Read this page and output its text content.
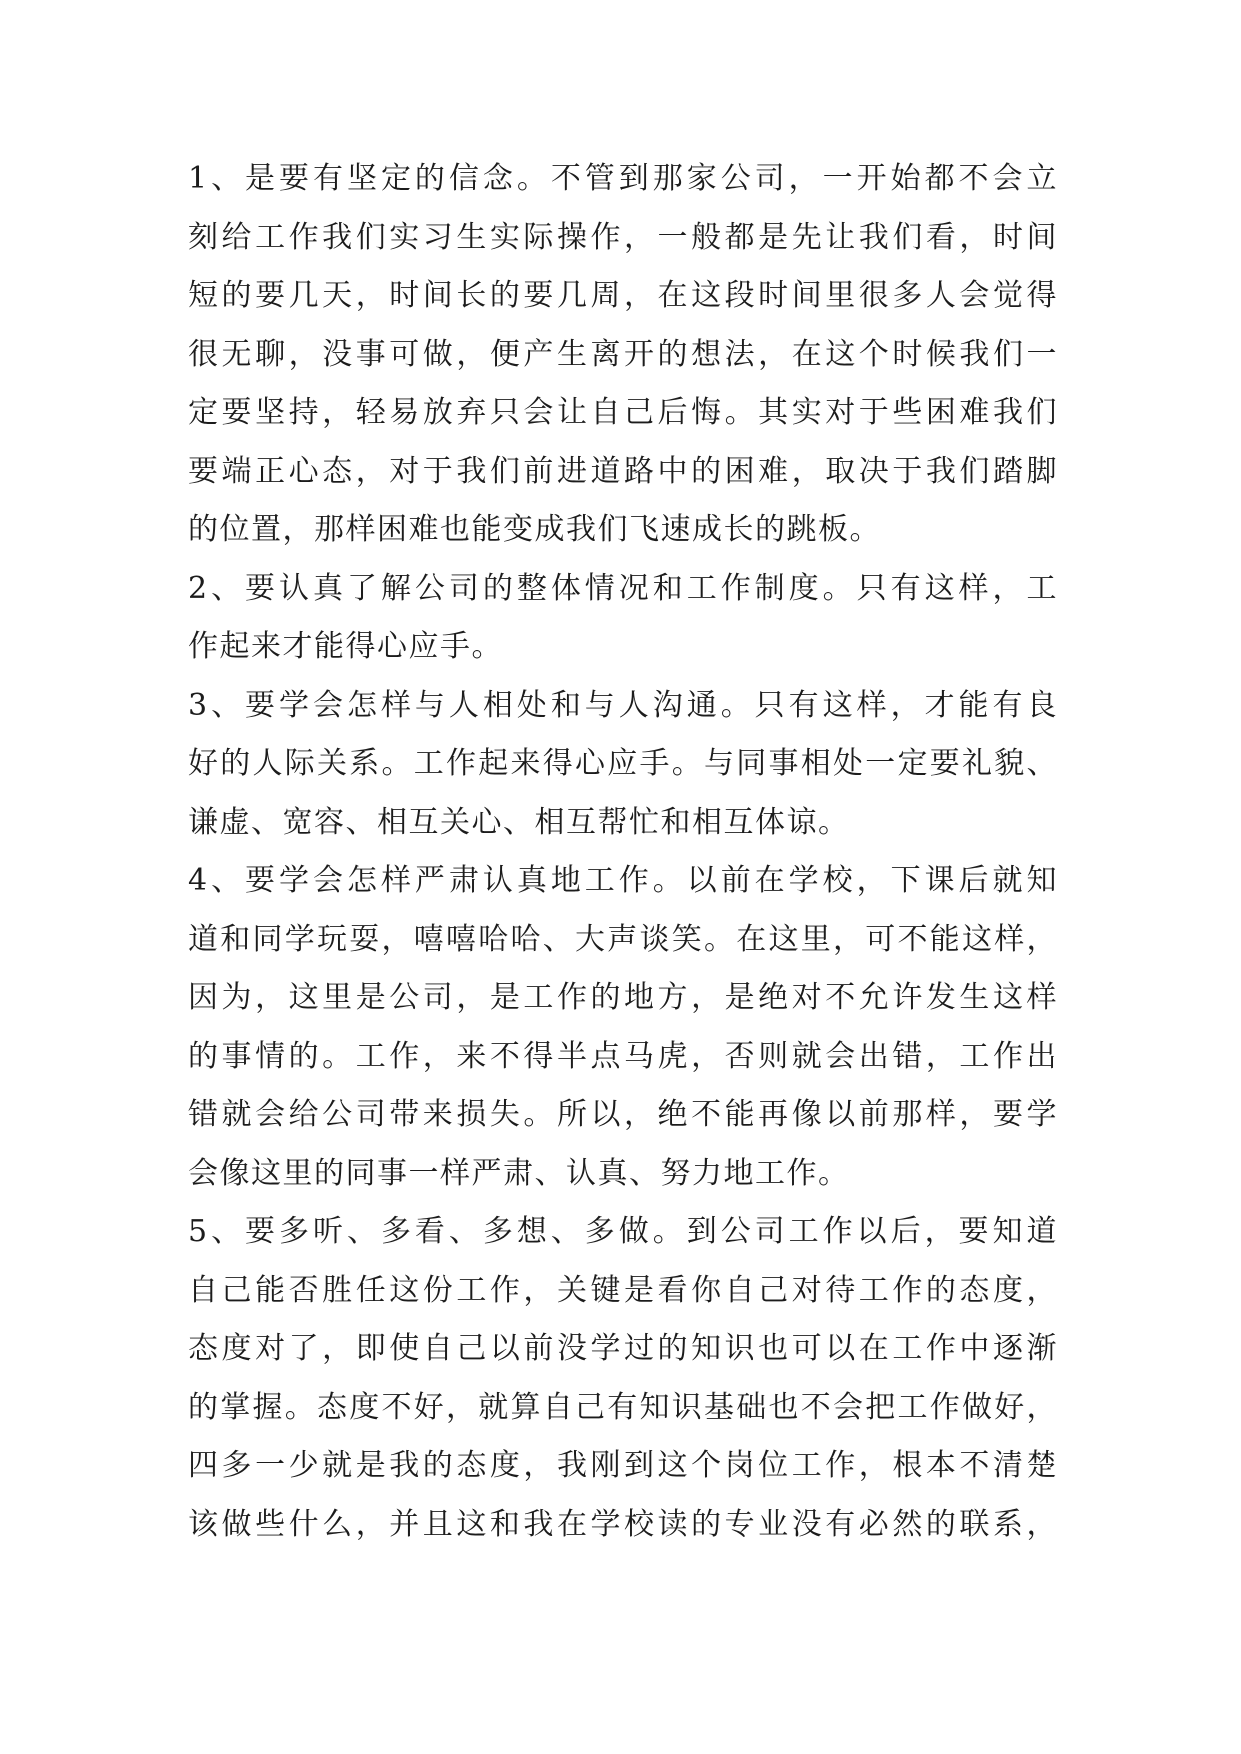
1、是要有坚定的信念。不管到那家公司，一开始都不会立
刻给工作我们实习生实际操作，一般都是先让我们看，时间
短的要几天，时间长的要几周，在这段时间里很多人会觉得
很无聊，没事可做，便产生离开的想法，在这个时候我们一
定要坚持，轻易放弃只会让自己后悔。其实对于些困难我们
要端正心态，对于我们前进道路中的困难，取决于我们踏脚
的位置，那样困难也能变成我们飞速成长的跳板。
2、要认真了解公司的整体情况和工作制度。只有这样，工
作起来才能得心应手。
3、要学会怎样与人相处和与人沟通。只有这样，才能有良
好的人际关系。工作起来得心应手。与同事相处一定要礼貌、
谦虚、宽容、相互关心、相互帮忙和相互体谅。
4、要学会怎样严肃认真地工作。以前在学校，下课后就知
道和同学玩耍，嘻嘻哈哈、大声谈笑。在这里，可不能这样，
因为，这里是公司，是工作的地方，是绝对不允许发生这样
的事情的。工作，来不得半点马虎，否则就会出错，工作出
错就会给公司带来损失。所以，绝不能再像以前那样，要学
会像这里的同事一样严肃、认真、努力地工作。
5、要多听、多看、多想、多做。到公司工作以后，要知道
自己能否胜任这份工作，关键是看你自己对待工作的态度，
态度对了，即使自己以前没学过的知识也可以在工作中逐渐
的掌握。态度不好，就算自己有知识基础也不会把工作做好，
四多一少就是我的态度，我刚到这个岗位工作，根本不清楚
该做些什么，并且这和我在学校读的专业没有必然的联系，
